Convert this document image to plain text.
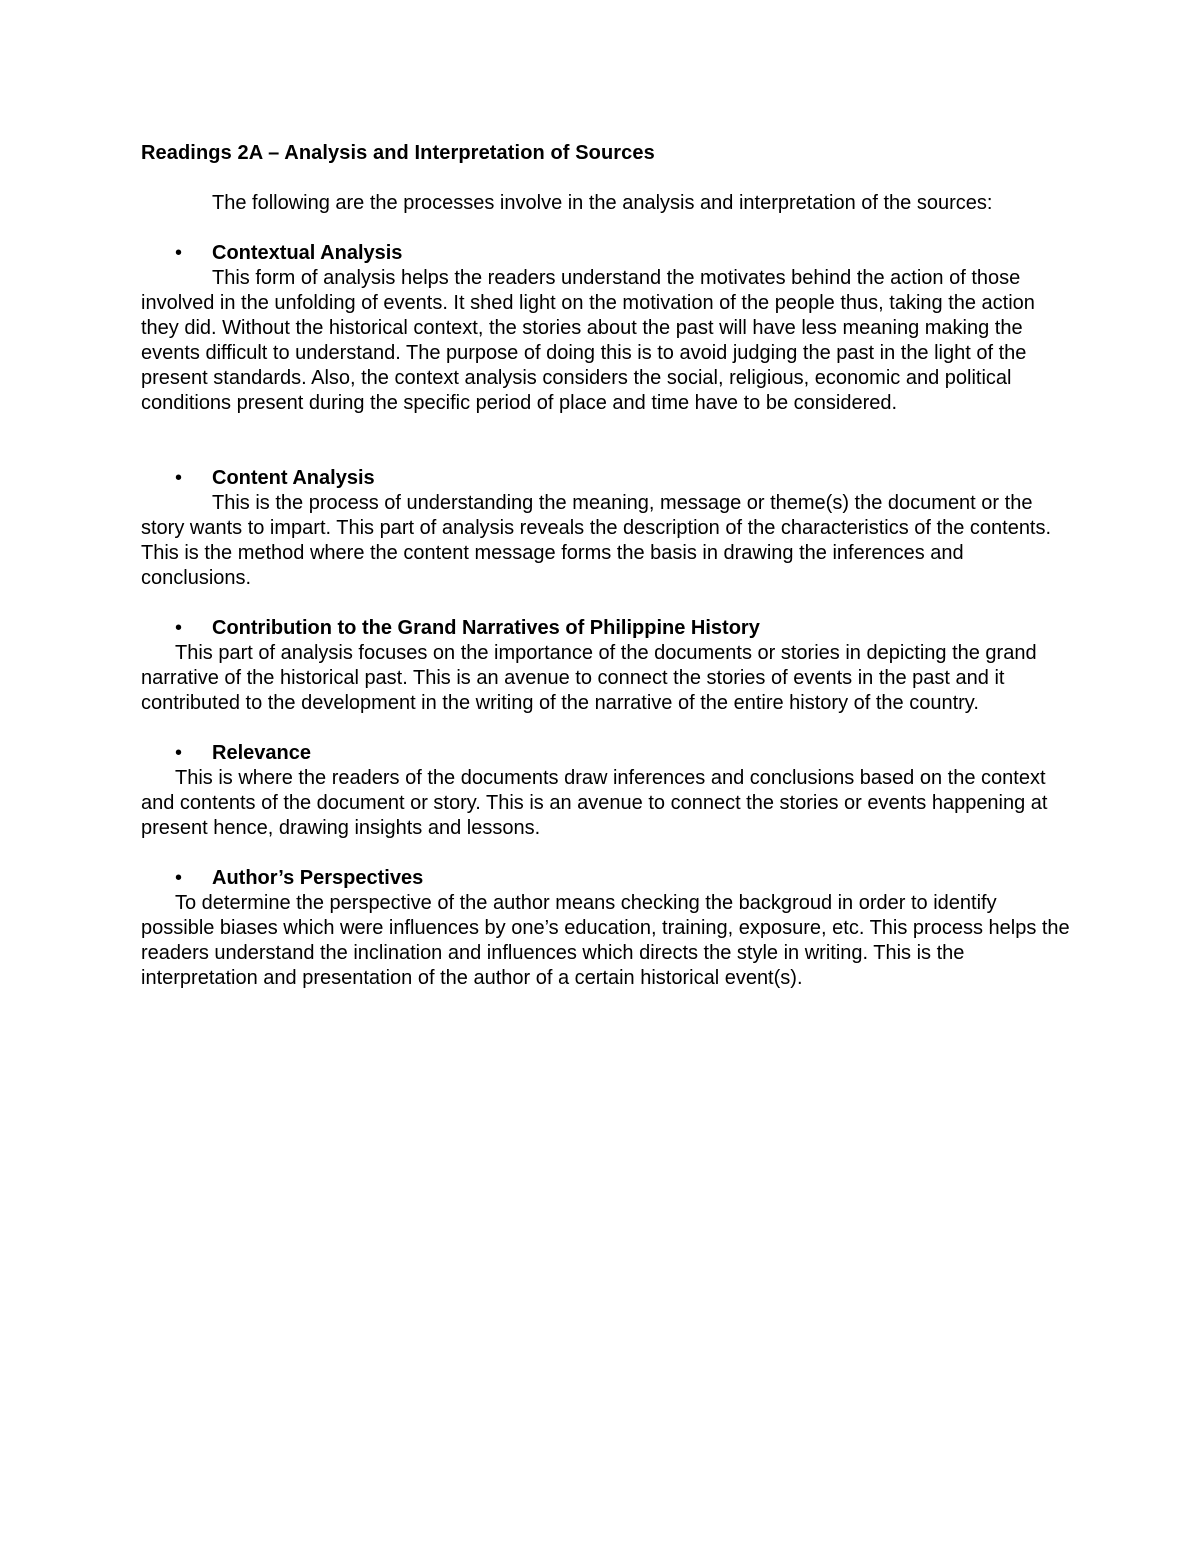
Readings 2A – Analysis and Interpretation of Sources

The following are the processes involve in the analysis and interpretation of the sources:

• Contextual Analysis

This form of analysis helps the readers understand the motivates behind the action of those involved in the unfolding of events. It shed light on the motivation of the people thus, taking the action they did. Without the historical context, the stories about the past will have less meaning making the events difficult to understand. The purpose of doing this is to avoid judging the past in the light of the present standards. Also, the context analysis considers the social, religious, economic and political conditions present during the specific period of place and time have to be considered.

• Content Analysis

This is the process of understanding the meaning, message or theme(s) the document or the story wants to impart. This part of analysis reveals the description of the characteristics of the contents. This is the method where the content message forms the basis in drawing the inferences and conclusions.

• Contribution to the Grand Narratives of Philippine History

This part of analysis focuses on the importance of the documents or stories in depicting the grand narrative of the historical past. This is an avenue to connect the stories of events in the past and it contributed to the development in the writing of the narrative of the entire history of the country.

• Relevance

This is where the readers of the documents draw inferences and conclusions based on the context and contents of the document or story. This is an avenue to connect the stories or events happening at present hence, drawing insights and lessons.

• Author’s Perspectives

To determine the perspective of the author means checking the backgroud in order to identify possible biases which were influences by one’s education, training, exposure, etc. This process helps the readers understand the inclination and influences which directs the style in writing. This is the interpretation and presentation of the author of a certain historical event(s).
